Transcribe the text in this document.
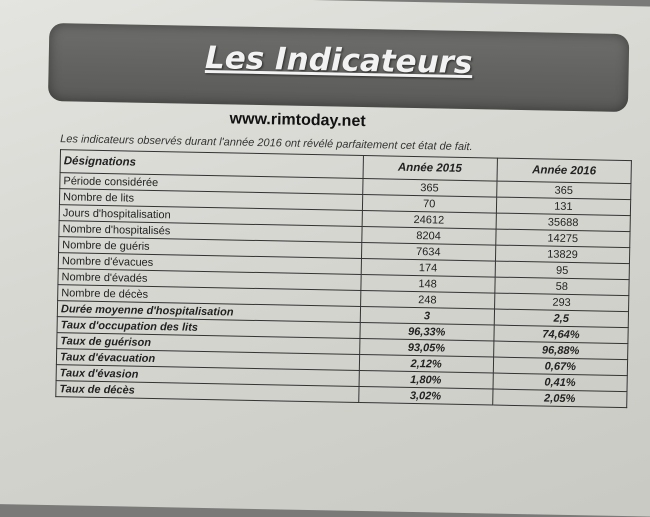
Les Indicateurs
www.rimtoday.net
Les indicateurs observés durant l'année 2016 ont révélé parfaitement cet état de fait.
Désignations	Année 2015	Année 2016
Période considérée	365	365
Nombre de lits	70	131
Jours d'hospitalisation	24612	35688
Nombre d'hospitalisés	8204	14275
Nombre de guéris	7634	13829
Nombre d'évacues	174	95
Nombre d'évadés	148	58
Nombre de décès	248	293
Durée moyenne d'hospitalisation	3	2,5
Taux d'occupation des lits	96,33%	74,64%
Taux de guérison	93,05%	96,88%
Taux d'évacuation	2,12%	0,67%
Taux d'évasion	1,80%	0,41%
Taux de décès	3,02%	2,05%
